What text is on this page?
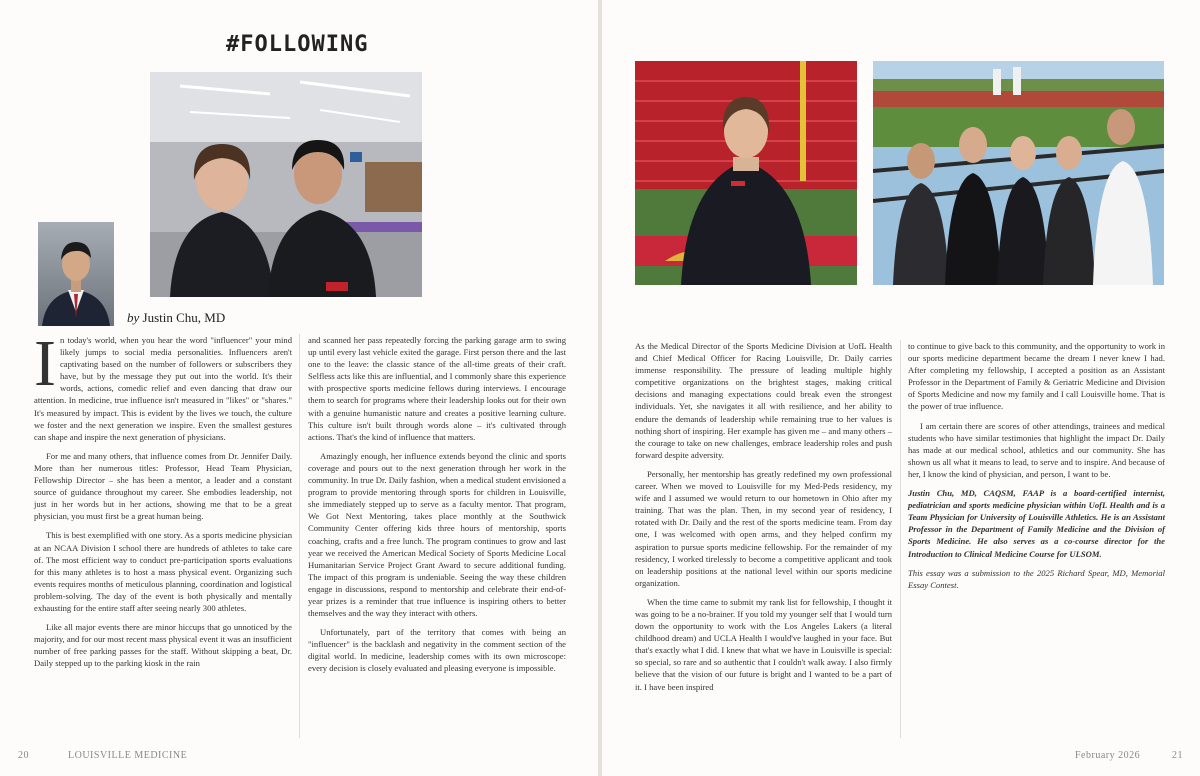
#FOLLOWING
by Justin Chu, MD

In today's world, when you hear the word "influencer" your mind likely jumps to social media personalities. Influencers aren't captivating based on the number of followers or subscribers they have, but by the message they put out into the world. It's their words, actions, comedic relief and even dancing that draw our attention. In medicine, true influence isn't measured in "likes" or "shares." It's measured by impact. This is evident by the lives we touch, the culture we foster and the next generation we inspire. Even the smallest gestures can shape and inspire the next generation of physicians.

For me and many others, that influence comes from Dr. Jennifer Daily. More than her numerous titles: Professor, Head Team Physician, Fellowship Director – she has been a mentor, a leader and a constant source of guidance throughout my career. She embodies leadership, not just in her words but in her actions, showing me that to be a great physician, you must first be a great human being.

This is best exemplified with one story. As a sports medicine physician at an NCAA Division I school there are hundreds of athletes to take care of. The most efficient way to conduct pre-participation sports evaluations for this many athletes is to host a mass physical event. Organizing such events requires months of meticulous planning, coordination and logistical problem-solving. The day of the event is both physically and mentally exhausting for the entire staff after seeing nearly 300 athletes.

Like all major events there are minor hiccups that go unnoticed by the majority, and for our most recent mass physical event it was an insufficient number of free parking passes for the staff. Without skipping a beat, Dr. Daily stepped up to the parking kiosk in the rain

and scanned her pass repeatedly forcing the parking garage arm to swing up until every last vehicle exited the garage. First person there and the last one to the leave: the classic stance of the all-time greats of their craft. Selfless acts like this are influential, and I commonly share this experience with prospective sports medicine fellows during interviews. I encourage them to search for programs where their leadership looks out for their own with a genuine humanistic nature and creates a positive learning culture. This culture isn't built through words alone – it's cultivated through actions. That's the kind of influence that matters.

Amazingly enough, her influence extends beyond the clinic and sports coverage and pours out to the next generation through her work in the community. In true Dr. Daily fashion, when a medical student envisioned a program to provide mentoring through sports for children in Louisville, she immediately stepped up to serve as a faculty mentor. That program, We Got Next Mentoring, takes place monthly at the Southwick Community Center offering kids three hours of mentorship, sports coaching, crafts and a free lunch. The program continues to grow and last year we received the American Medical Society of Sports Medicine Local Humanitarian Service Project Grant Award to secure additional funding. The impact of this program is undeniable. Seeing the way these children engage in discussions, respond to mentorship and celebrate their end-of-year prizes is a reminder that true influence is inspiring others to better themselves and the way they interact with others.

Unfortunately, part of the territory that comes with being an "influencer" is the backlash and negativity in the comment section of the digital world. In medicine, leadership comes with its own microscope: every decision is closely evaluated and pleasing everyone is impossible.

As the Medical Director of the Sports Medicine Division at UofL Health and Chief Medical Officer for Racing Louisville, Dr. Daily carries immense responsibility. The pressure of leading multiple highly competitive organizations on the brightest stages, making critical decisions and managing expectations could break even the strongest individuals. Yet, she navigates it all with resilience, and her ability to endure the demands of leadership while remaining true to her values is nothing short of inspiring. Her example has given me – and many others – the courage to take on new challenges, embrace leadership roles and push forward despite adversity.

Personally, her mentorship has greatly redefined my own professional career. When we moved to Louisville for my Med-Peds residency, my wife and I assumed we would return to our hometown in Ohio after my training. That was the plan. Then, in my second year of residency, I rotated with Dr. Daily and the rest of the sports medicine team. From day one, I was welcomed with open arms, and they helped confirm my aspiration to pursue sports medicine fellowship. For the remainder of my residency, I worked tirelessly to become a competitive applicant and took on leadership positions at the national level within our sports medicine organization.

When the time came to submit my rank list for fellowship, I thought it was going to be a no-brainer. If you told my younger self that I would turn down the opportunity to work with the Los Angeles Lakers (a literal childhood dream) and UCLA Health I would've laughed in your face. But that's exactly what I did. I knew that what we have in Louisville is special: so special, so rare and so authentic that I couldn't walk away. I also firmly believe that the vision of our future is bright and I wanted to be a part of it. I have been inspired

to continue to give back to this community, and the opportunity to work in our sports medicine department became the dream I never knew I had. After completing my fellowship, I accepted a position as an Assistant Professor in the Department of Family & Geriatric Medicine and Division of Sports Medicine and now my family and I call Louisville home. That is the power of true influence.

I am certain there are scores of other attendings, trainees and medical students who have similar testimonies that highlight the impact Dr. Daily has made at our medical school, athletics and our community. She has shown us all what it means to lead, to serve and to inspire. And because of her, I know the kind of physician, and person, I want to be.

Justin Chu, MD, CAQSM, FAAP is a board-certified internist, pediatrician and sports medicine physician within UofL Health and is a Team Physician for University of Louisville Athletics. He is an Assistant Professor in the Department of Family Medicine and the Division of Sports Medicine. He also serves as a co-course director for the Introduction to Clinical Medicine Course for ULSOM.

This essay was a submission to the 2025 Richard Spear, MD, Memorial Essay Contest.

20	LOUISVILLE MEDICINE	February 2026	21
